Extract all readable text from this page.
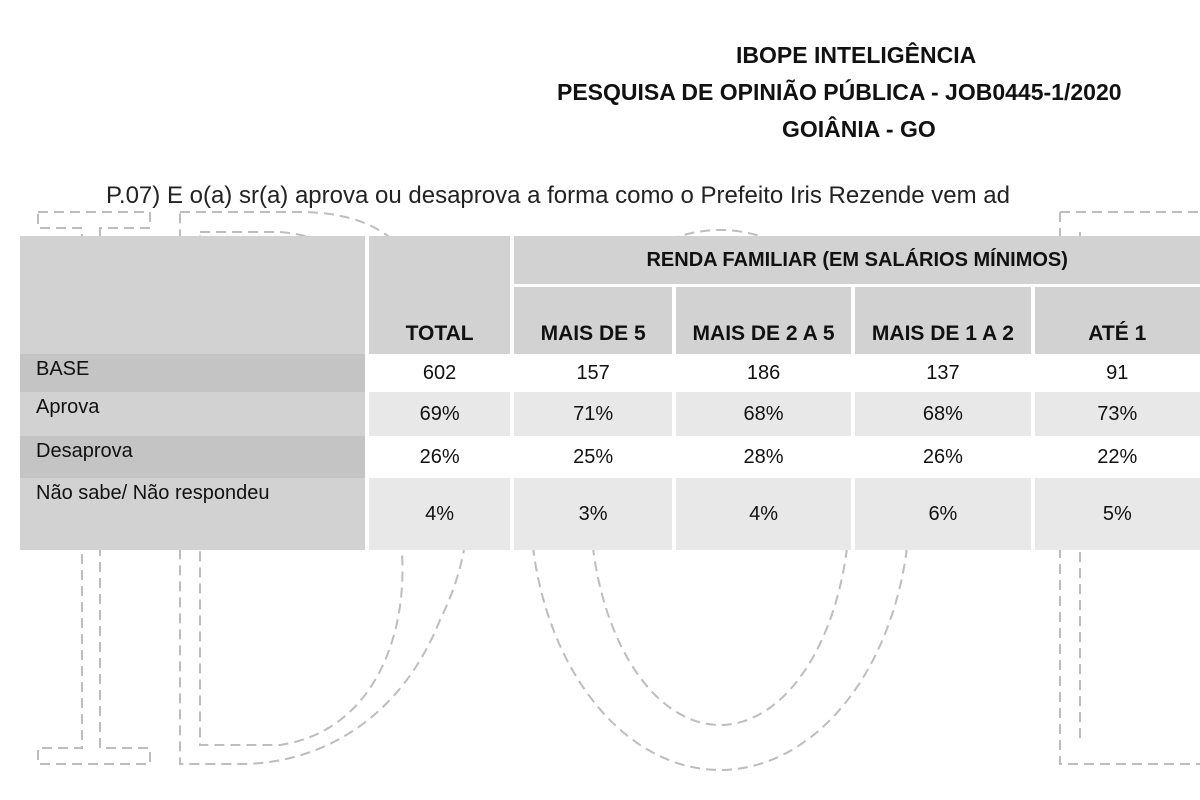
IBOPE INTELIGÊNCIA
PESQUISA DE OPINIÃO PÚBLICA - JOB0445-1/2020
GOIÂNIA - GO
P.07) E o(a) sr(a) aprova ou desaprova a forma como o Prefeito Iris Rezende vem ad
	TOTAL	RENDA FAMILIAR (EM SALÁRIOS MÍNIMOS)			
		MAIS DE 5	MAIS DE 2 A 5	MAIS DE 1 A 2	ATÉ 1
BASE	602	157	186	137	91
Aprova	69%	71%	68%	68%	73%
Desaprova	26%	25%	28%	26%	22%
Não sabe/ Não respondeu	4%	3%	4%	6%	5%
